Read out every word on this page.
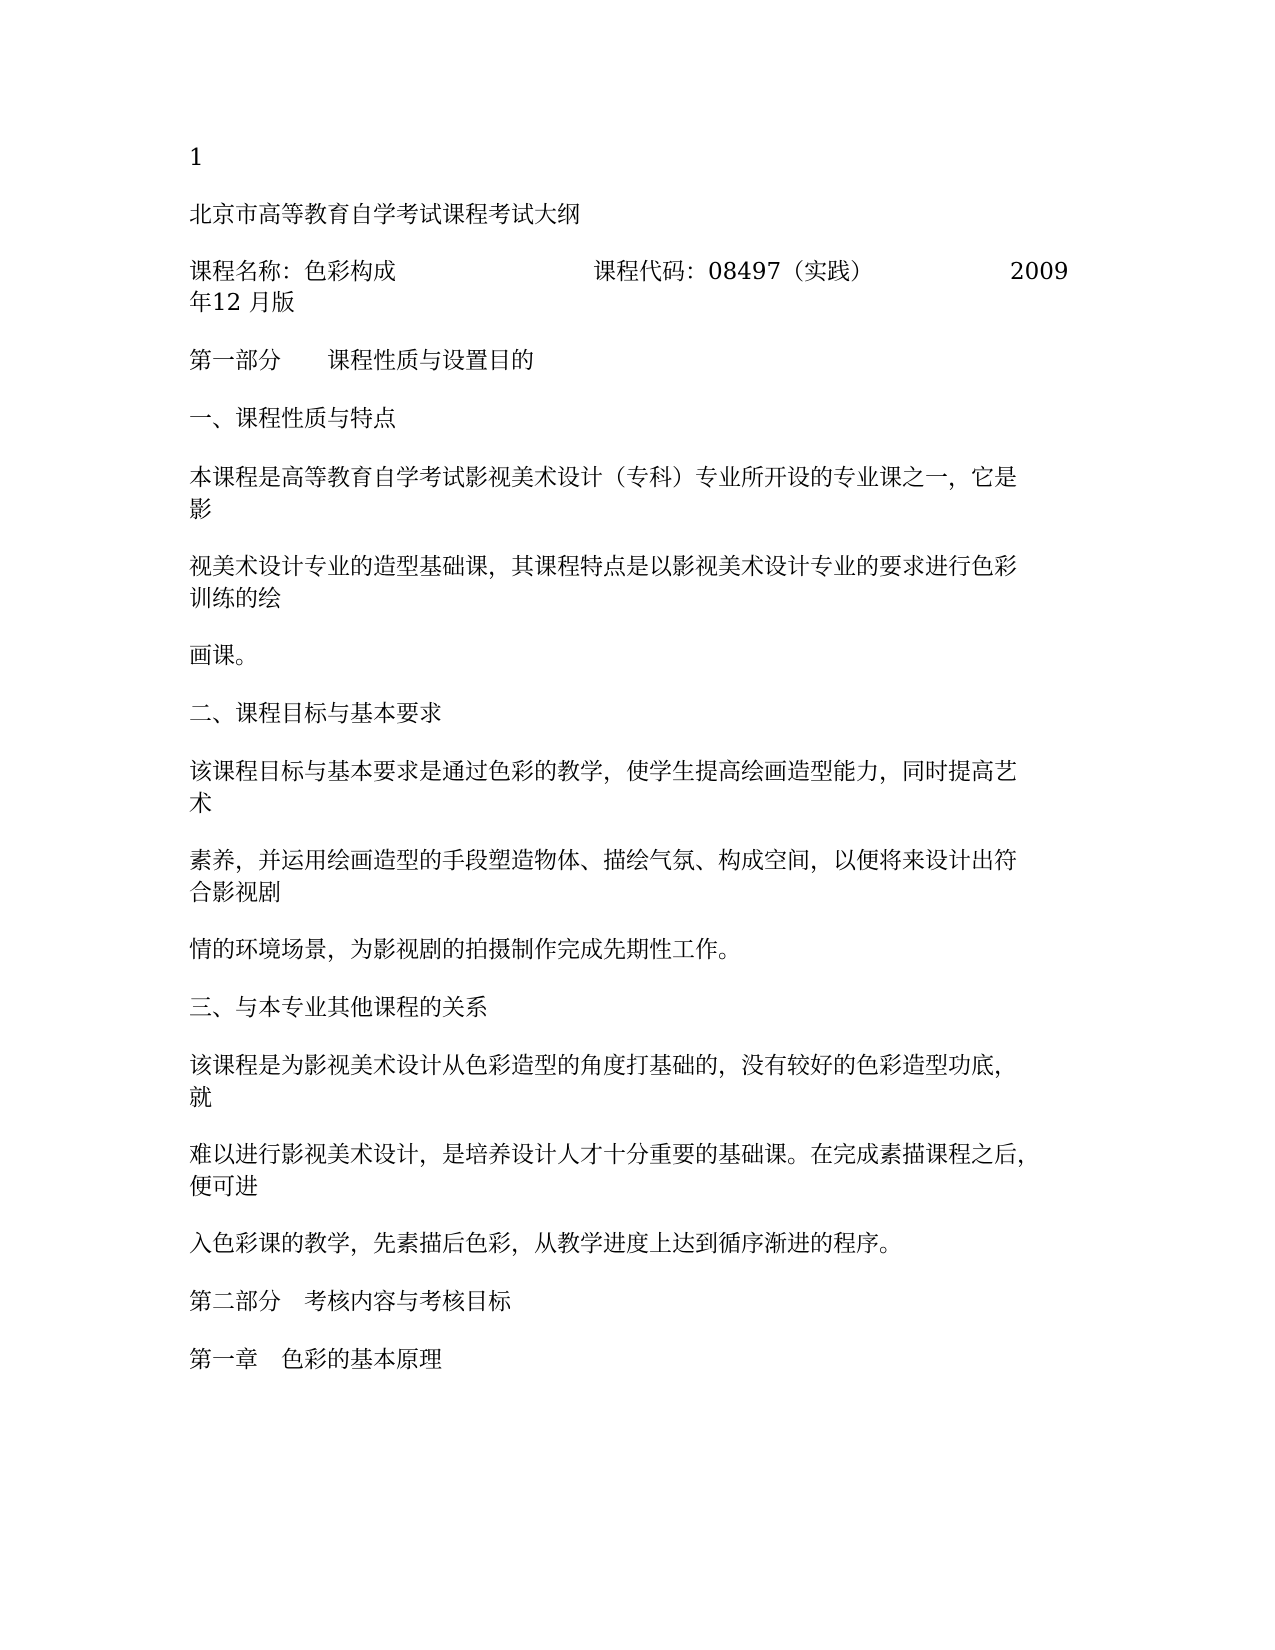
1
北京市高等教育自学考试课程考试大纲
课程名称：色彩构成	课程代码：08497（实践）	2009
年12 月版
第一部分　　课程性质与设置目的
一、课程性质与特点
本课程是高等教育自学考试影视美术设计（专科）专业所开设的专业课之一，它是
影
视美术设计专业的造型基础课，其课程特点是以影视美术设计专业的要求进行色彩
训练的绘
画课。
二、课程目标与基本要求
该课程目标与基本要求是通过色彩的教学，使学生提高绘画造型能力，同时提高艺
术
素养，并运用绘画造型的手段塑造物体、描绘气氛、构成空间，以便将来设计出符
合影视剧
情的环境场景，为影视剧的拍摄制作完成先期性工作。
三、与本专业其他课程的关系
该课程是为影视美术设计从色彩造型的角度打基础的，没有较好的色彩造型功底，
就
难以进行影视美术设计，是培养设计人才十分重要的基础课。在完成素描课程之后，
便可进
入色彩课的教学，先素描后色彩，从教学进度上达到循序渐进的程序。
第二部分　考核内容与考核目标
第一章　色彩的基本原理
